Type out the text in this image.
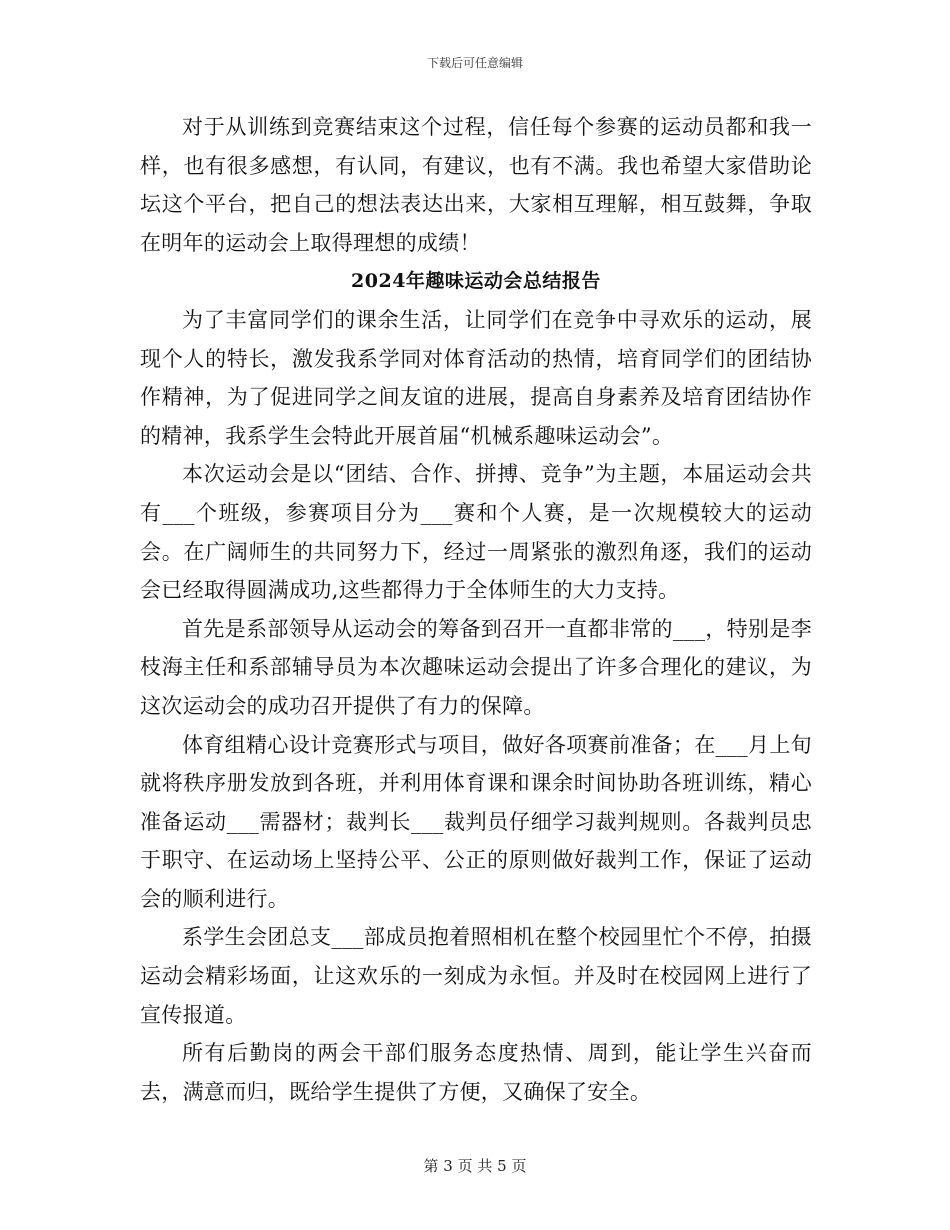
下载后可任意编辑

对于从训练到竞赛结束这个过程，信任每个参赛的运动员都和我一样，也有很多感想，有认同，有建议，也有不满。我也希望大家借助论坛这个平台，把自己的想法表达出来，大家相互理解，相互鼓舞，争取在明年的运动会上取得理想的成绩！

2024年趣味运动会总结报告

为了丰富同学们的课余生活，让同学们在竞争中寻欢乐的运动，展现个人的特长，激发我系学同对体育活动的热情，培育同学们的团结协作精神，为了促进同学之间友谊的进展，提高自身素养及培育团结协作的精神，我系学生会特此开展首届“机械系趣味运动会”。

本次运动会是以“团结、合作、拼搏、竞争”为主题，本届运动会共有___个班级，参赛项目分为___赛和个人赛，是一次规模较大的运动会。在广阔师生的共同努力下，经过一周紧张的激烈角逐，我们的运动会已经取得圆满成功,这些都得力于全体师生的大力支持。

首先是系部领导从运动会的筹备到召开一直都非常的___，特别是李枝海主任和系部辅导员为本次趣味运动会提出了许多合理化的建议，为这次运动会的成功召开提供了有力的保障。

体育组精心设计竞赛形式与项目，做好各项赛前准备；在___月上旬就将秩序册发放到各班，并利用体育课和课余时间协助各班训练，精心准备运动___需器材；裁判长___裁判员仔细学习裁判规则。各裁判员忠于职守、在运动场上坚持公平、公正的原则做好裁判工作，保证了运动会的顺利进行。

系学生会团总支___部成员抱着照相机在整个校园里忙个不停，拍摄运动会精彩场面，让这欢乐的一刻成为永恒。并及时在校园网上进行了宣传报道。

所有后勤岗的两会干部们服务态度热情、周到，能让学生兴奋而去，满意而归，既给学生提供了方便，又确保了安全。

第 3 页 共 5 页
